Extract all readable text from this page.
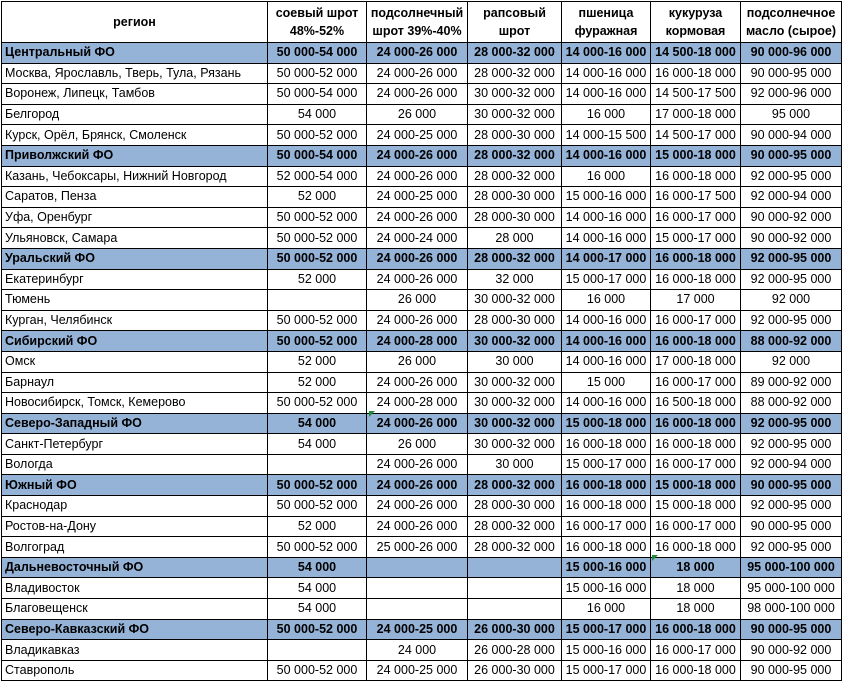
регион	соевый шрот 48%-52%	подсолнечный шрот 39%-40%	рапсовый шрот	пшеница фуражная	кукуруза кормовая	подсолнечное масло (сырое)
Центральный ФО	50 000-54 000	24 000-26 000	28 000-32 000	14 000-16 000	14 500-18 000	90 000-96 000
Москва, Ярославль, Тверь, Тула, Рязань	50 000-52 000	24 000-26 000	28 000-32 000	14 000-16 000	16 000-18 000	90 000-95 000
Воронеж, Липецк, Тамбов	50 000-54 000	24 000-26 000	30 000-32 000	14 000-16 000	14 500-17 500	92 000-96 000
Белгород	54 000	26 000	30 000-32 000	16 000	17 000-18 000	95 000
Курск, Орёл, Брянск, Смоленск	50 000-52 000	24 000-25 000	28 000-30 000	14 000-15 500	14 500-17 000	90 000-94 000
Приволжский ФО	50 000-54 000	24 000-26 000	28 000-32 000	14 000-16 000	15 000-18 000	90 000-95 000
Казань, Чебоксары, Нижний Новгород	52 000-54 000	24 000-26 000	28 000-32 000	16 000	16 000-18 000	92 000-95 000
Саратов, Пенза	52 000	24 000-25 000	28 000-30 000	15 000-16 000	16 000-17 500	92 000-94 000
Уфа, Оренбург	50 000-52 000	24 000-26 000	28 000-30 000	14 000-16 000	16 000-17 000	90 000-92 000
Ульяновск, Самара	50 000-52 000	24 000-24 000	28 000	14 000-16 000	15 000-17 000	90 000-92 000
Уральский ФО	50 000-52 000	24 000-26 000	28 000-32 000	14 000-17 000	16 000-18 000	92 000-95 000
Екатеринбург	52 000	24 000-26 000	32 000	15 000-17 000	16 000-18 000	92 000-95 000
Тюмень		26 000	30 000-32 000	16 000	17 000	92 000
Курган, Челябинск	50 000-52 000	24 000-26 000	28 000-30 000	14 000-16 000	16 000-17 000	92 000-95 000
Сибирский ФО	50 000-52 000	24 000-28 000	30 000-32 000	14 000-16 000	16 000-18 000	88 000-92 000
Омск	52 000	26 000	30 000	14 000-16 000	17 000-18 000	92 000
Барнаул	52 000	24 000-26 000	30 000-32 000	15 000	16 000-17 000	89 000-92 000
Новосибирск, Томск, Кемерово	50 000-52 000	24 000-28 000	30 000-32 000	14 000-16 000	16 500-18 000	88 000-92 000
Северо-Западный ФО	54 000	24 000-26 000	30 000-32 000	15 000-18 000	16 000-18 000	92 000-95 000
Санкт-Петербург	54 000	26 000	30 000-32 000	16 000-18 000	16 000-18 000	92 000-95 000
Вологда		24 000-26 000	30 000	15 000-17 000	16 000-17 000	92 000-94 000
Южный ФО	50 000-52 000	24 000-26 000	28 000-32 000	16 000-18 000	15 000-18 000	90 000-95 000
Краснодар	50 000-52 000	24 000-26 000	28 000-30 000	16 000-18 000	15 000-18 000	92 000-95 000
Ростов-на-Дону	52 000	24 000-26 000	28 000-32 000	16 000-17 000	16 000-17 000	90 000-95 000
Волгоград	50 000-52 000	25 000-26 000	28 000-32 000	16 000-18 000	16 000-18 000	92 000-95 000
Дальневосточный ФО	54 000			15 000-16 000	18 000	95 000-100 000
Владивосток	54 000			15 000-16 000	18 000	95 000-100 000
Благовещенск	54 000			16 000	18 000	98 000-100 000
Северо-Кавказский ФО	50 000-52 000	24 000-25 000	26 000-30 000	15 000-17 000	16 000-18 000	90 000-95 000
Владикавказ		24 000	26 000-28 000	15 000-16 000	16 000-17 000	90 000-92 000
Ставрополь	50 000-52 000	24 000-25 000	26 000-30 000	15 000-17 000	16 000-18 000	90 000-95 000
